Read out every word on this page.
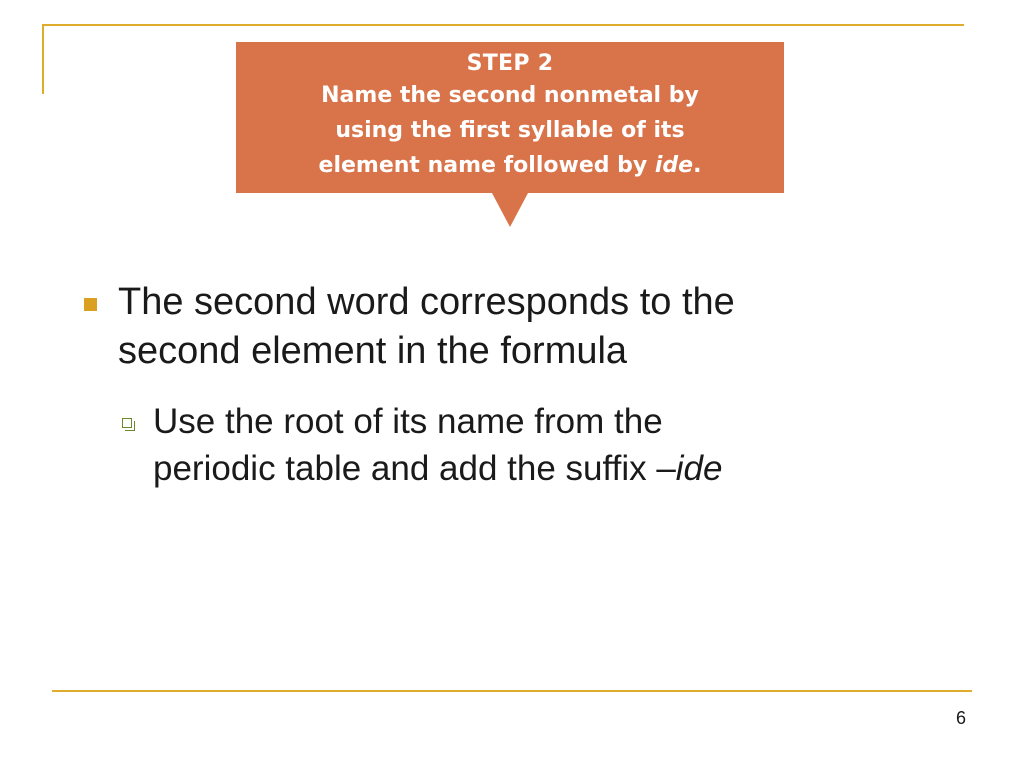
STEP 2
Name the second nonmetal by
using the first syllable of its
element name followed by ide.
The second word corresponds to the
second element in the formula
Use the root of its name from the
periodic table and add the suffix –ide
6
